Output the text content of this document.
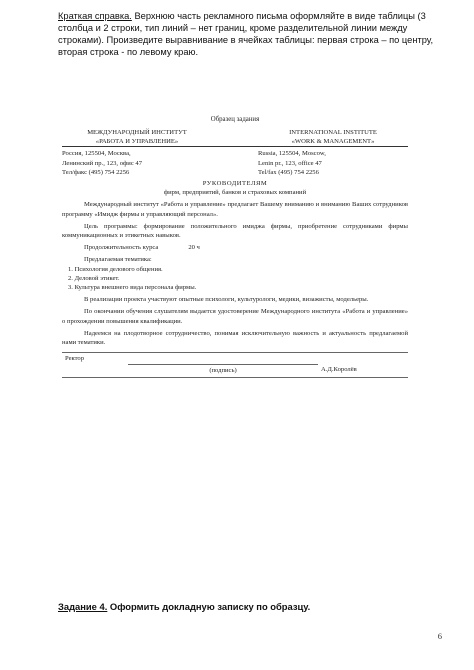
Краткая справка. Верхнюю часть рекламного письма оформляйте в виде таблицы (3 столбца и 2 строки, тип линий – нет границ, кроме разделительной линии между строками). Произведите выравнивание в ячейках таблицы: первая строка – по центру, вторая строка - по левому краю.
Образец задания
МЕЖДУНАРОДНЫЙ ИНСТИТУТ
«РАБОТА И УПРАВЛЕНИЕ»
INTERNATIONAL INSTITUTE
«WORK & MANAGEMENT»
Россия, 125504, Москва,
Ленинский пр., 123, офис 47
Тел/факс (495) 754 2256
Russia, 125504, Moscow,
Lenin pr., 123, office 47
Tel/fax (495) 754 2256
РУКОВОДИТЕЛЯМ
фирм, предприятий, банков и страховых компаний
Международный институт «Работа и управление» предлагает Вашему вниманию и вниманию Ваших сотрудников программу «Имидж фирмы и управляющий персонал».
Цель программы: формирование положительного имиджа фирмы, приобретение сотрудниками фирмы коммуникационных и этикетных навыков.
Продолжительность курса	20 ч
Предлагаемая тематика:
1. Психология делового общения.
2. Деловой этикет.
3. Культура внешнего вида персонала фирмы.
В реализации проекта участвуют опытные психологи, культурологи, медики, визажисты, модельеры.
По окончании обучения слушателям выдается удостоверение Международного института «Работа и управление» о прохождении повышения квалификации.
Надеемся на плодотворное сотрудничество, понимая исключительную важность и актуальность предлагаемой нами тематики.
Ректор
(подпись)	А.Д.Королёв
Задание 4. Оформить докладную записку по образцу.
6
